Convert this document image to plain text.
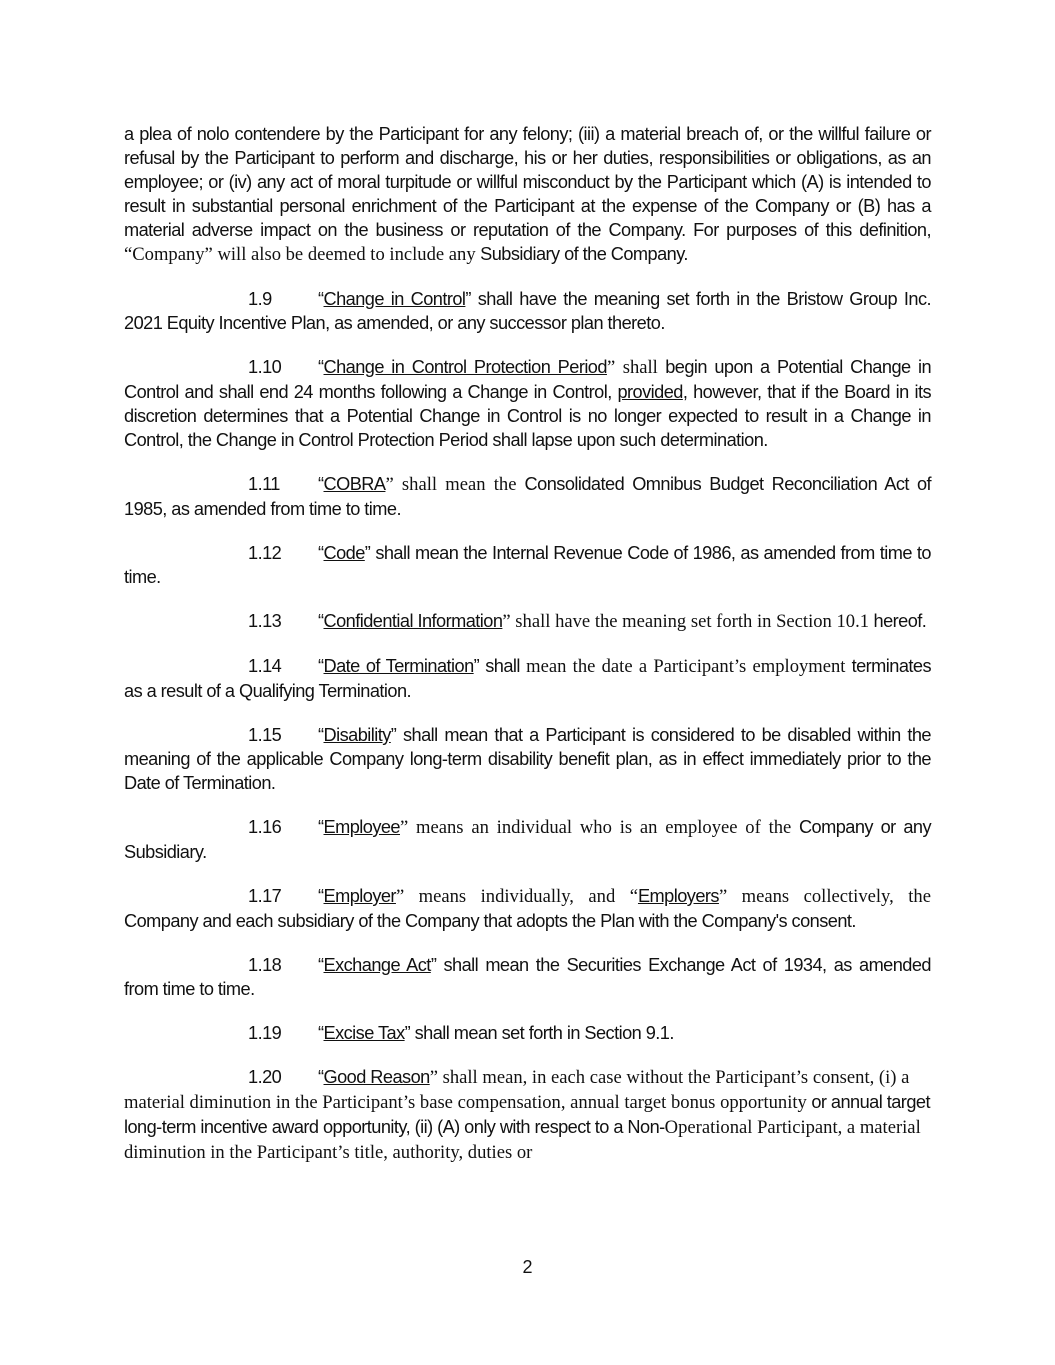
a plea of nolo contendere by the Participant for any felony; (iii) a material breach of, or the willful failure or refusal by the Participant to perform and discharge, his or her duties, responsibilities or obligations, as an employee; or (iv) any act of moral turpitude or willful misconduct by the Participant which (A) is intended to result in substantial personal enrichment of the Participant at the expense of the Company or (B) has a material adverse impact on the business or reputation of the Company. For purposes of this definition, “Company” will also be deemed to include any Subsidiary of the Company.

1.9	“Change in Control” shall have the meaning set forth in the Bristow Group Inc. 2021 Equity Incentive Plan, as amended, or any successor plan thereto.

1.10 “Change in Control Protection Period” shall begin upon a Potential Change in Control and shall end 24 months following a Change in Control, provided, however, that if the Board in its discretion determines that a Potential Change in Control is no longer expected to result in a Change in Control, the Change in Control Protection Period shall lapse upon such determination.

1.11 “COBRA” shall mean the Consolidated Omnibus Budget Reconciliation Act of 1985, as amended from time to time.

1.12 “Code” shall mean the Internal Revenue Code of 1986, as amended from time to time.

1.13 “Confidential Information” shall have the meaning set forth in Section 10.1 hereof.

1.14 “Date of Termination” shall mean the date a Participant’s employment terminates as a result of a Qualifying Termination.

1.15 “Disability” shall mean that a Participant is considered to be disabled within the meaning of the applicable Company long-term disability benefit plan, as in effect immediately prior to the Date of Termination.

1.16 “Employee” means an individual who is an employee of the Company or any Subsidiary.

1.17 “Employer” means individually, and “Employers” means collectively, the Company and each subsidiary of the Company that adopts the Plan with the Company's consent.

1.18 “Exchange Act” shall mean the Securities Exchange Act of 1934, as amended from time to time.

1.19 “Excise Tax” shall mean set forth in Section 9.1.

1.20 “Good Reason” shall mean, in each case without the Participant’s consent, (i) a material diminution in the Participant’s base compensation, annual target bonus opportunity or annual target long-term incentive award opportunity, (ii) (A) only with respect to a Non-Operational Participant, a material diminution in the Participant’s title, authority, duties or

2
